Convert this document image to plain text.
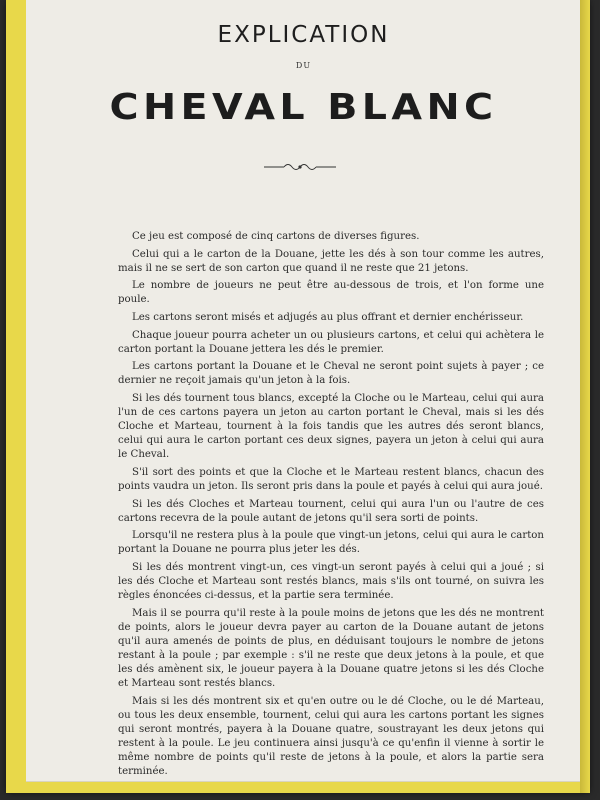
EXPLICATION
DU
CHEVAL BLANC

Ce jeu est composé de cinq cartons de diverses figures.

Celui qui a le carton de la Douane, jette les dés à son tour comme les autres, mais il ne se sert de son carton que quand il ne reste que 21 jetons.

Le nombre de joueurs ne peut être au-dessous de trois, et l'on forme une poule.

Les cartons seront misés et adjugés au plus offrant et dernier enchérisseur.

Chaque joueur pourra acheter un ou plusieurs cartons, et celui qui achètera le carton portant la Douane jettera les dés le premier.

Les cartons portant la Douane et le Cheval ne seront point sujets à payer ; ce dernier ne reçoit jamais qu'un jeton à la fois.

Si les dés tournent tous blancs, excepté la Cloche ou le Marteau, celui qui aura l'un de ces cartons payera un jeton au carton portant le Cheval, mais si les dés Cloche et Marteau, tournent à la fois tandis que les autres dés seront blancs, celui qui aura le carton portant ces deux signes, payera un jeton à celui qui aura le Cheval.

S'il sort des points et que la Cloche et le Marteau restent blancs, chacun des points vaudra un jeton. Ils seront pris dans la poule et payés à celui qui aura joué.

Si les dés Cloches et Marteau tournent, celui qui aura l'un ou l'autre de ces cartons recevra de la poule autant de jetons qu'il sera sorti de points.

Lorsqu'il ne restera plus à la poule que vingt-un jetons, celui qui aura le carton portant la Douane ne pourra plus jeter les dés.

Si les dés montrent vingt-un, ces vingt-un seront payés à celui qui a joué ; si les dés Cloche et Marteau sont restés blancs, mais s'ils ont tourné, on suivra les règles énoncées ci-dessus, et la partie sera terminée.

Mais il se pourra qu'il reste à la poule moins de jetons que les dés ne montrent de points, alors le joueur devra payer au carton de la Douane autant de jetons qu'il aura amenés de points de plus, en déduisant toujours le nombre de jetons restant à la poule ; par exemple : s'il ne reste que deux jetons à la poule, et que les dés amènent six, le joueur payera à la Douane quatre jetons si les dés Cloche et Marteau sont restés blancs.

Mais si les dés montrent six et qu'en outre ou le dé Cloche, ou le dé Marteau, ou tous les deux ensemble, tournent, celui qui aura les cartons portant les signes qui seront montrés, payera à la Douane quatre, soustrayant les deux jetons qui restent à la poule. Le jeu continuera ainsi jusqu'à ce qu'enfin il vienne à sortir le même nombre de points qu'il reste de jetons à la poule, et alors la partie sera terminée.
